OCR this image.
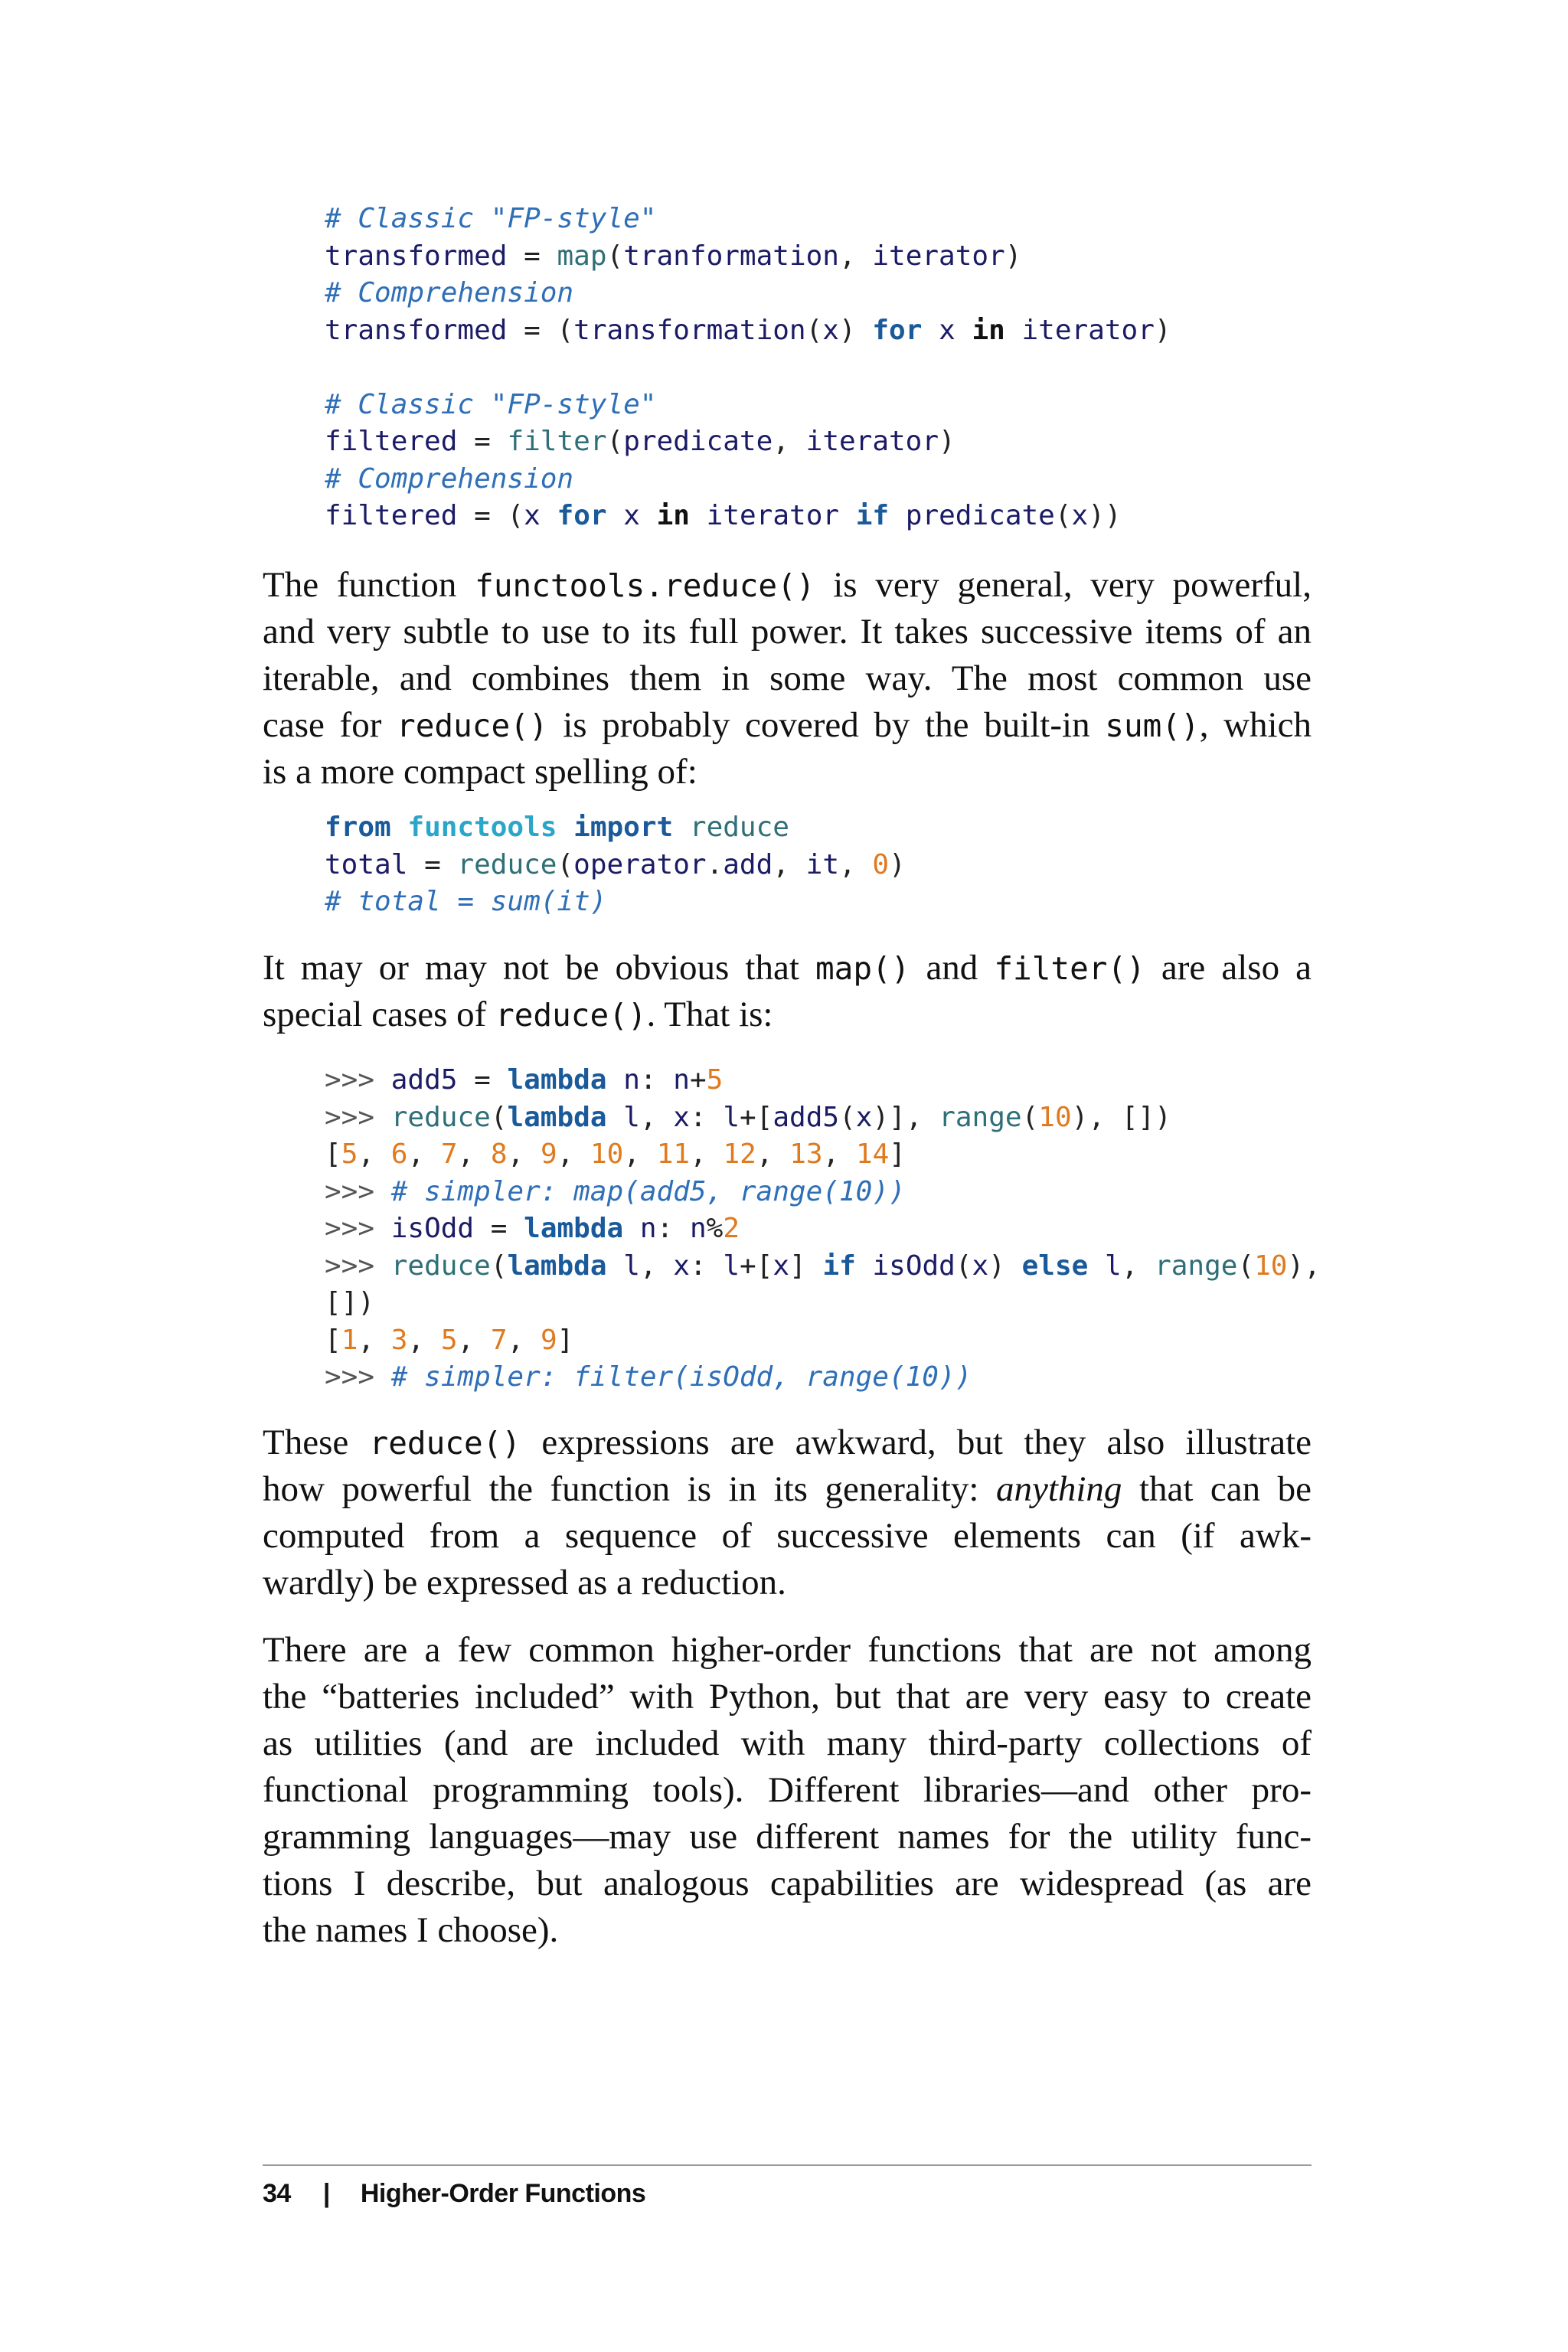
# Classic "FP-style"
transformed = map(tranformation, iterator)
# Comprehension
transformed = (transformation(x) for x in iterator)

# Classic "FP-style"
filtered = filter(predicate, iterator)
# Comprehension
filtered = (x for x in iterator if predicate(x))
The function functools.reduce() is very general, very powerful,
and very subtle to use to its full power. It takes successive items of an
iterable, and combines them in some way. The most common use
case for reduce() is probably covered by the built-in sum(), which
is a more compact spelling of:
from functools import reduce
total = reduce(operator.add, it, 0)
# total = sum(it)
It may or may not be obvious that map() and filter() are also a
special cases of reduce(). That is:
>>> add5 = lambda n: n+5
>>> reduce(lambda l, x: l+[add5(x)], range(10), [])
[5, 6, 7, 8, 9, 10, 11, 12, 13, 14]
>>> # simpler: map(add5, range(10))
>>> isOdd = lambda n: n%2
>>> reduce(lambda l, x: l+[x] if isOdd(x) else l, range(10),
[])
[1, 3, 5, 7, 9]
>>> # simpler: filter(isOdd, range(10))
These reduce() expressions are awkward, but they also illustrate
how powerful the function is in its generality: anything that can be
computed from a sequence of successive elements can (if awk-
wardly) be expressed as a reduction.
There are a few common higher-order functions that are not among
the “batteries included” with Python, but that are very easy to create
as utilities (and are included with many third-party collections of
functional programming tools). Different libraries—and other pro-
gramming languages—may use different names for the utility func-
tions I describe, but analogous capabilities are widespread (as are
the names I choose).
34 | Higher-Order Functions
